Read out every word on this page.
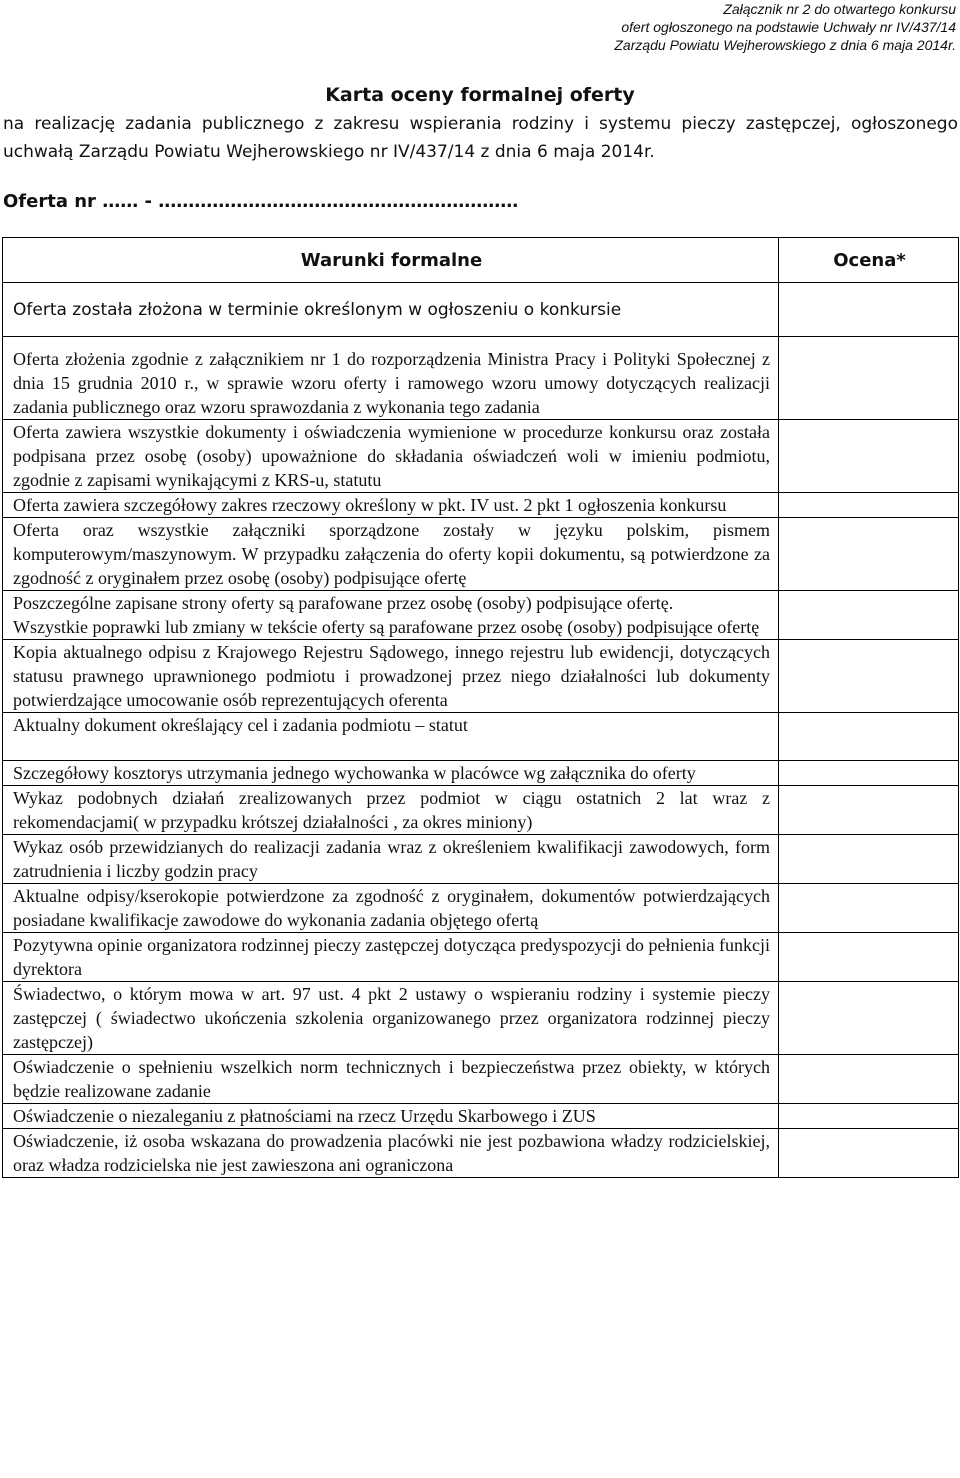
Załącznik nr 2 do otwartego konkursu
ofert ogłoszonego na podstawie Uchwały nr IV/437/14
Zarządu Powiatu Wejherowskiego z dnia 6 maja 2014r.
Karta oceny formalnej oferty
na realizację zadania publicznego z zakresu wspierania rodziny i systemu pieczy zastępczej, ogłoszonego uchwałą Zarządu Powiatu Wejherowskiego nr IV/437/14 z dnia 6 maja 2014r.
Oferta nr …… - ……………………………………………………
Warunki formalne	Ocena*
Oferta została złożona w terminie określonym w ogłoszeniu o konkursie	
Oferta złożenia zgodnie z załącznikiem nr 1 do rozporządzenia Ministra Pracy i Polityki Społecznej z dnia 15 grudnia 2010 r., w sprawie wzoru oferty i ramowego wzoru umowy dotyczących realizacji zadania publicznego oraz wzoru sprawozdania z wykonania tego zadania	
Oferta zawiera wszystkie dokumenty i oświadczenia wymienione w procedurze konkursu oraz została podpisana przez osobę (osoby) upoważnione do składania oświadczeń woli w imieniu podmiotu, zgodnie z zapisami wynikającymi z KRS-u, statutu	
Oferta zawiera szczegółowy zakres rzeczowy określony w pkt. IV ust. 2 pkt 1 ogłoszenia konkursu	
Oferta oraz wszystkie załączniki sporządzone zostały w języku polskim, pismem komputerowym/maszynowym. W przypadku załączenia do oferty kopii dokumentu, są potwierdzone za zgodność z oryginałem przez osobę (osoby) podpisujące ofertę	

Poszczególne zapisane strony oferty są parafowane przez osobę (osoby) podpisujące ofertę.

Wszystkie poprawki lub zmiany w tekście oferty są parafowane przez osobę (osoby) podpisujące ofertę	

Kopia aktualnego odpisu z Krajowego Rejestru Sądowego, innego rejestru lub ewidencji, dotyczących statusu prawnego uprawnionego podmiotu i prowadzonej przez niego działalności lub dokumenty potwierdzające umocowanie osób reprezentujących oferenta	
Aktualny dokument określający cel i zadania podmiotu – statut	
Szczegółowy kosztorys utrzymania jednego wychowanka w placówce wg załącznika do oferty	
Wykaz podobnych działań zrealizowanych przez podmiot w ciągu ostatnich 2 lat wraz z rekomendacjami( w przypadku krótszej działalności , za okres miniony)	
Wykaz osób przewidzianych do realizacji zadania wraz z określeniem kwalifikacji zawodowych, form zatrudnienia i liczby godzin pracy	
Aktualne odpisy/kserokopie potwierdzone za zgodność z oryginałem, dokumentów potwierdzających posiadane kwalifikacje zawodowe do wykonania zadania objętego ofertą	
Pozytywna opinie organizatora rodzinnej pieczy zastępczej dotycząca predyspozycji do pełnienia funkcji dyrektora	
Świadectwo, o którym mowa w art. 97 ust. 4 pkt 2 ustawy o wspieraniu rodziny i systemie pieczy zastępczej ( świadectwo ukończenia szkolenia organizowanego przez organizatora rodzinnej pieczy zastępczej)	
Oświadczenie o spełnieniu wszelkich norm technicznych i bezpieczeństwa przez obiekty, w których będzie realizowane zadanie	
Oświadczenie o niezaleganiu z płatnościami na rzecz Urzędu Skarbowego i ZUS	
Oświadczenie, iż osoba wskazana do prowadzenia placówki nie jest pozbawiona władzy rodzicielskiej, oraz władza rodzicielska nie jest zawieszona ani ograniczona	
